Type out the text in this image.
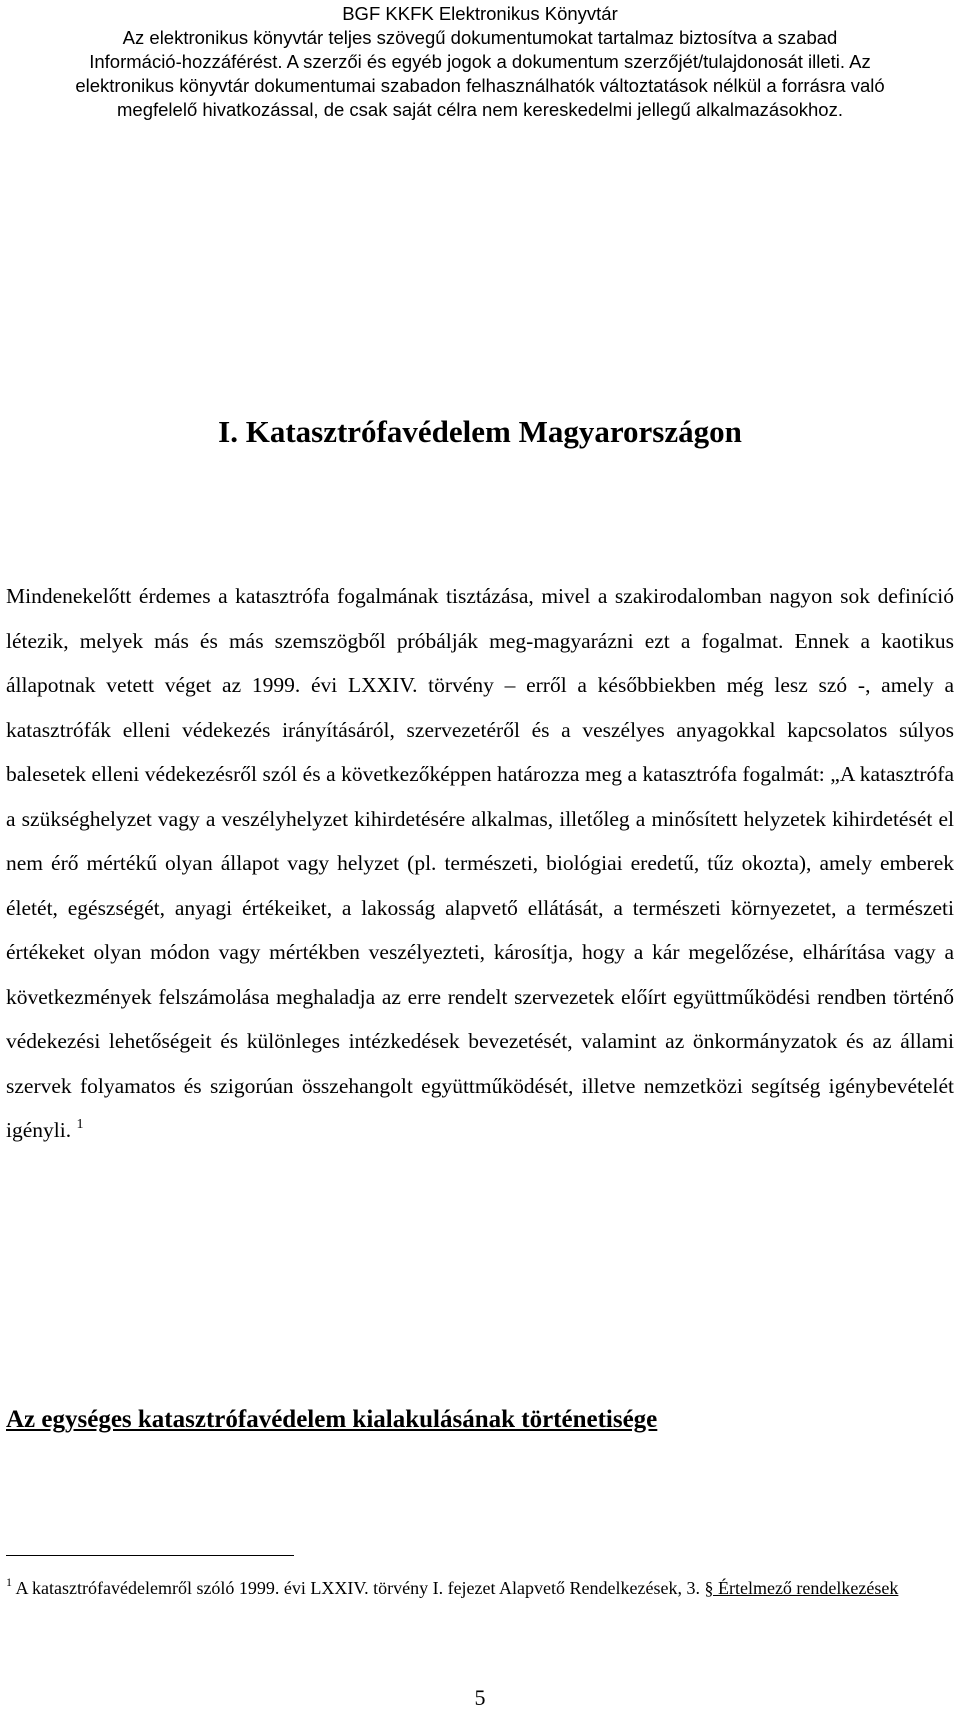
BGF KKFK Elektronikus Könyvtár
Az elektronikus könyvtár teljes szövegű dokumentumokat tartalmaz biztosítva a szabad
Információ-hozzáférést. A szerzői és egyéb jogok a dokumentum szerzőjét/tulajdonosát illeti. Az
elektronikus könyvtár dokumentumai szabadon felhasználhatók változtatások nélkül a forrásra való
megfelelő hivatkozással, de csak saját célra nem kereskedelmi jellegű alkalmazásokhoz.
I. Katasztrófavédelem Magyarországon

Mindenekelőtt érdemes a katasztrófa fogalmának tisztázása, mivel a szakirodalomban nagyon sok definíció létezik, melyek más és más szemszögből próbálják meg-magyarázni ezt a fogalmat. Ennek a kaotikus állapotnak vetett véget az 1999. évi LXXIV. törvény – erről a későbbiekben még lesz szó -, amely a katasztrófák elleni védekezés irányításáról, szervezetéről és a veszélyes anyagokkal kapcsolatos súlyos balesetek elleni védekezésről szól és a következőképpen határozza meg a katasztrófa fogalmát: „A katasztrófa a szükséghelyzet vagy a veszélyhelyzet kihirdetésére alkalmas, illetőleg a minősített helyzetek kihirdetését el nem érő mértékű olyan állapot vagy helyzet (pl. természeti, biológiai eredetű, tűz okozta), amely emberek életét, egészségét, anyagi értékeiket, a lakosság alapvető ellátását, a természeti környezetet, a természeti értékeket olyan módon vagy mértékben veszélyezteti, károsítja, hogy a kár megelőzése, elhárítása vagy a következmények felszámolása meghaladja az erre rendelt szervezetek előírt együttműködési rendben történő védekezési lehetőségeit és különleges intézkedések bevezetését, valamint az önkormányzatok és az állami szervek folyamatos és szigorúan összehangolt együttműködését, illetve nemzetközi segítség igénybevételét igényli. $^1$

Az egységes katasztrófavédelem kialakulásának történetisége

$^1$ A katasztrófavédelemről szóló 1999. évi LXXIV. törvény I. fejezet Alapvető Rendelkezések, 3. § Értelmező rendelkezések

5
